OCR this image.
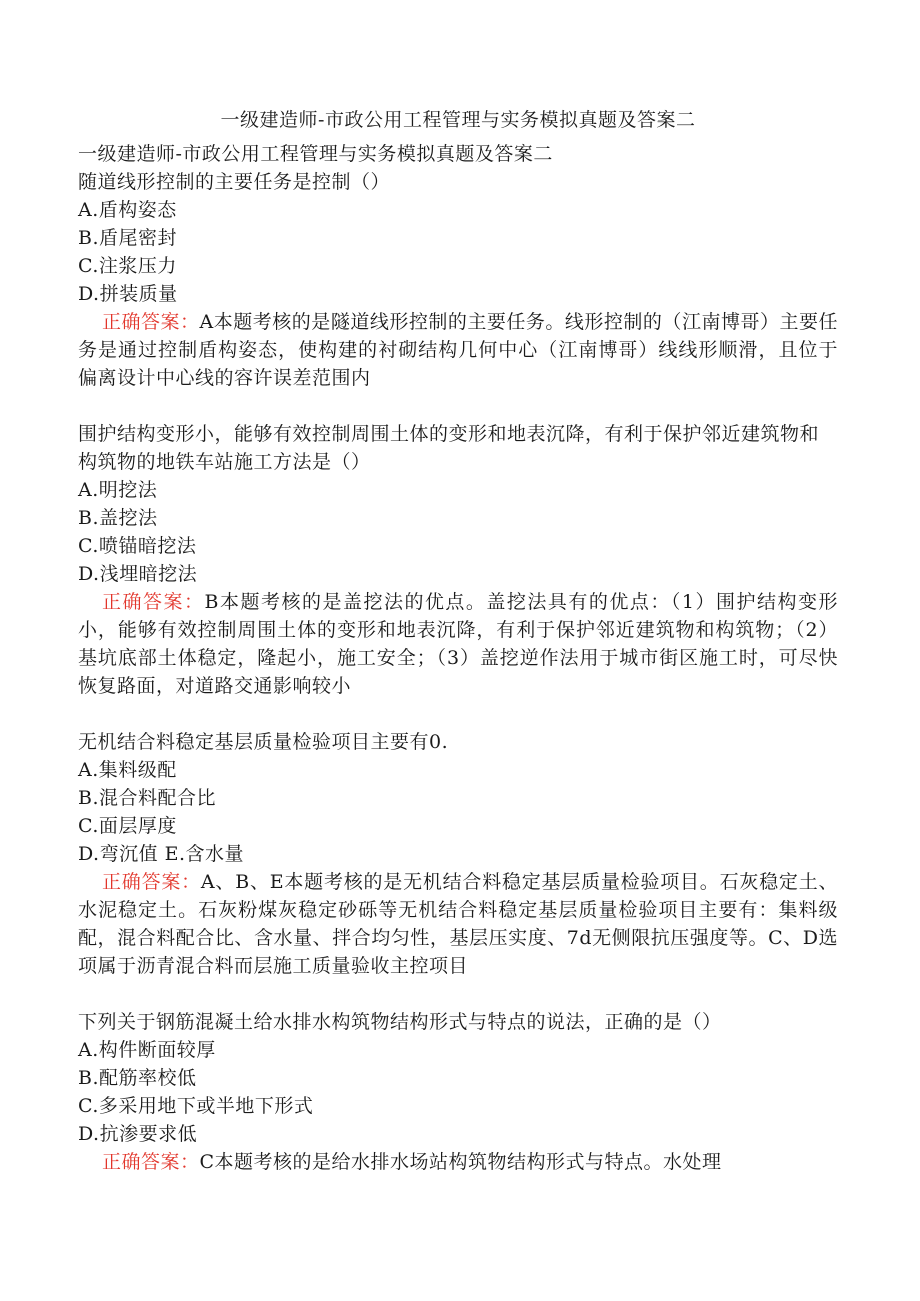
一级建造师-市政公用工程管理与实务模拟真题及答案二

一级建造师-市政公用工程管理与实务模拟真题及答案二

随道线形控制的主要任务是控制（）

A.盾构姿态
B.盾尾密封
C.注浆压力
D.拼装质量

正确答案：A本题考核的是隧道线形控制的主要任务。线形控制的（江南博哥）主要任务是通过控制盾构姿态，使构建的衬砌结构几何中心（江南博哥）线线形顺滑，且位于偏离设计中心线的容许误差范围内

围护结构变形小，能够有效控制周围土体的变形和地表沉降，有利于保护邻近建筑物和构筑物的地铁车站施工方法是（）

A.明挖法
B.盖挖法
C.喷锚暗挖法
D.浅埋暗挖法

正确答案：B本题考核的是盖挖法的优点。盖挖法具有的优点：（1）围护结构变形小，能够有效控制周围土体的变形和地表沉降，有利于保护邻近建筑物和构筑物；（2）基坑底部土体稳定，隆起小，施工安全；（3）盖挖逆作法用于城市街区施工时，可尽快恢复路面，对道路交通影响较小

无机结合料稳定基层质量检验项目主要有0.

A.集料级配
B.混合料配合比
C.面层厚度
D.弯沉值 E.含水量

正确答案：A、B、E本题考核的是无机结合料稳定基层质量检验项目。石灰稳定土、水泥稳定土。石灰粉煤灰稳定砂砾等无机结合料稳定基层质量检验项目主要有：集料级配，混合料配合比、含水量、拌合均匀性，基层压实度、7d无侧限抗压强度等。C、D选项属于沥青混合料而层施工质量验收主控项目

下列关于钢筋混凝土给水排水构筑物结构形式与特点的说法，正确的是（）

A.构件断面较厚
B.配筋率校低
C.多采用地下或半地下形式
D.抗渗要求低

正确答案：C本题考核的是给水排水场站构筑物结构形式与特点。水处理
